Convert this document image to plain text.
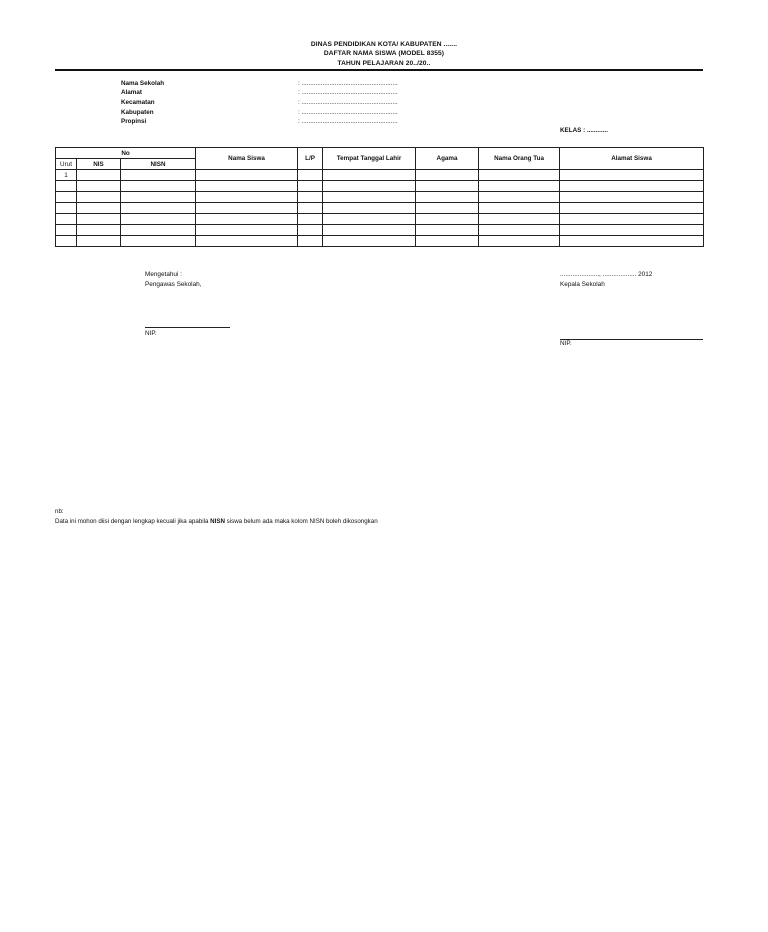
DINAS PENDIDIKAN KOTA/ KABUPATEN .......
DAFTAR NAMA SISWA (MODEL 8355)
TAHUN PELAJARAN 20../20..
Nama Sekolah	: .......................................................
Alamat	: .......................................................
Kecamatan	: .......................................................
Kabupaten	: .......................................................
Propinsi	: .......................................................
KELAS : ............
No			Nama Siswa	L/P	Tempat Tanggal Lahir	Agama	Nama Orang Tua	Alamat Siswa
Urut	NIS	NISN						
1								

Mengetahui :
Pengawas Sekolah,
NIP.
......................, ................... 2012
Kepala Sekolah
NIP.
nb:
Data ini mohon diisi dengan lengkap kecuali jika apabila NISN siswa belum ada maka kolom NISN boleh dikosongkan
